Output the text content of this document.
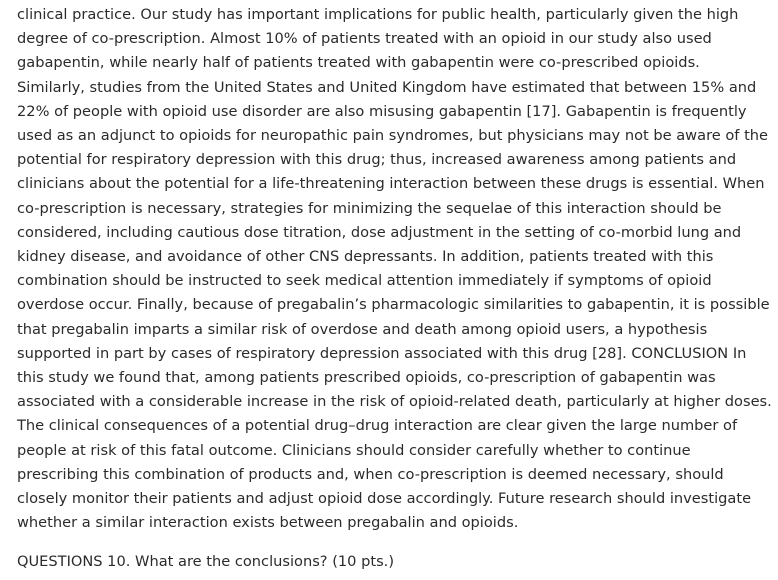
clinical practice. Our study has important implications for public health, particularly given the high
degree of co-prescription. Almost 10% of patients treated with an opioid in our study also used
gabapentin, while nearly half of patients treated with gabapentin were co-prescribed opioids.
Similarly, studies from the United States and United Kingdom have estimated that between 15% and
22% of people with opioid use disorder are also misusing gabapentin [17]. Gabapentin is frequently
used as an adjunct to opioids for neuropathic pain syndromes, but physicians may not be aware of the
potential for respiratory depression with this drug; thus, increased awareness among patients and
clinicians about the potential for a life-threatening interaction between these drugs is essential. When
co-prescription is necessary, strategies for minimizing the sequelae of this interaction should be
considered, including cautious dose titration, dose adjustment in the setting of co-morbid lung and
kidney disease, and avoidance of other CNS depressants. In addition, patients treated with this
combination should be instructed to seek medical attention immediately if symptoms of opioid
overdose occur. Finally, because of pregabalin’s pharmacologic similarities to gabapentin, it is possible
that pregabalin imparts a similar risk of overdose and death among opioid users, a hypothesis
supported in part by cases of respiratory depression associated with this drug [28]. CONCLUSION In
this study we found that, among patients prescribed opioids, co-prescription of gabapentin was
associated with a considerable increase in the risk of opioid-related death, particularly at higher doses.
The clinical consequences of a potential drug–drug interaction are clear given the large number of
people at risk of this fatal outcome. Clinicians should consider carefully whether to continue
prescribing this combination of products and, when co-prescription is deemed necessary, should
closely monitor their patients and adjust opioid dose accordingly. Future research should investigate
whether a similar interaction exists between pregabalin and opioids.

QUESTIONS 10. What are the conclusions? (10 pts.)
